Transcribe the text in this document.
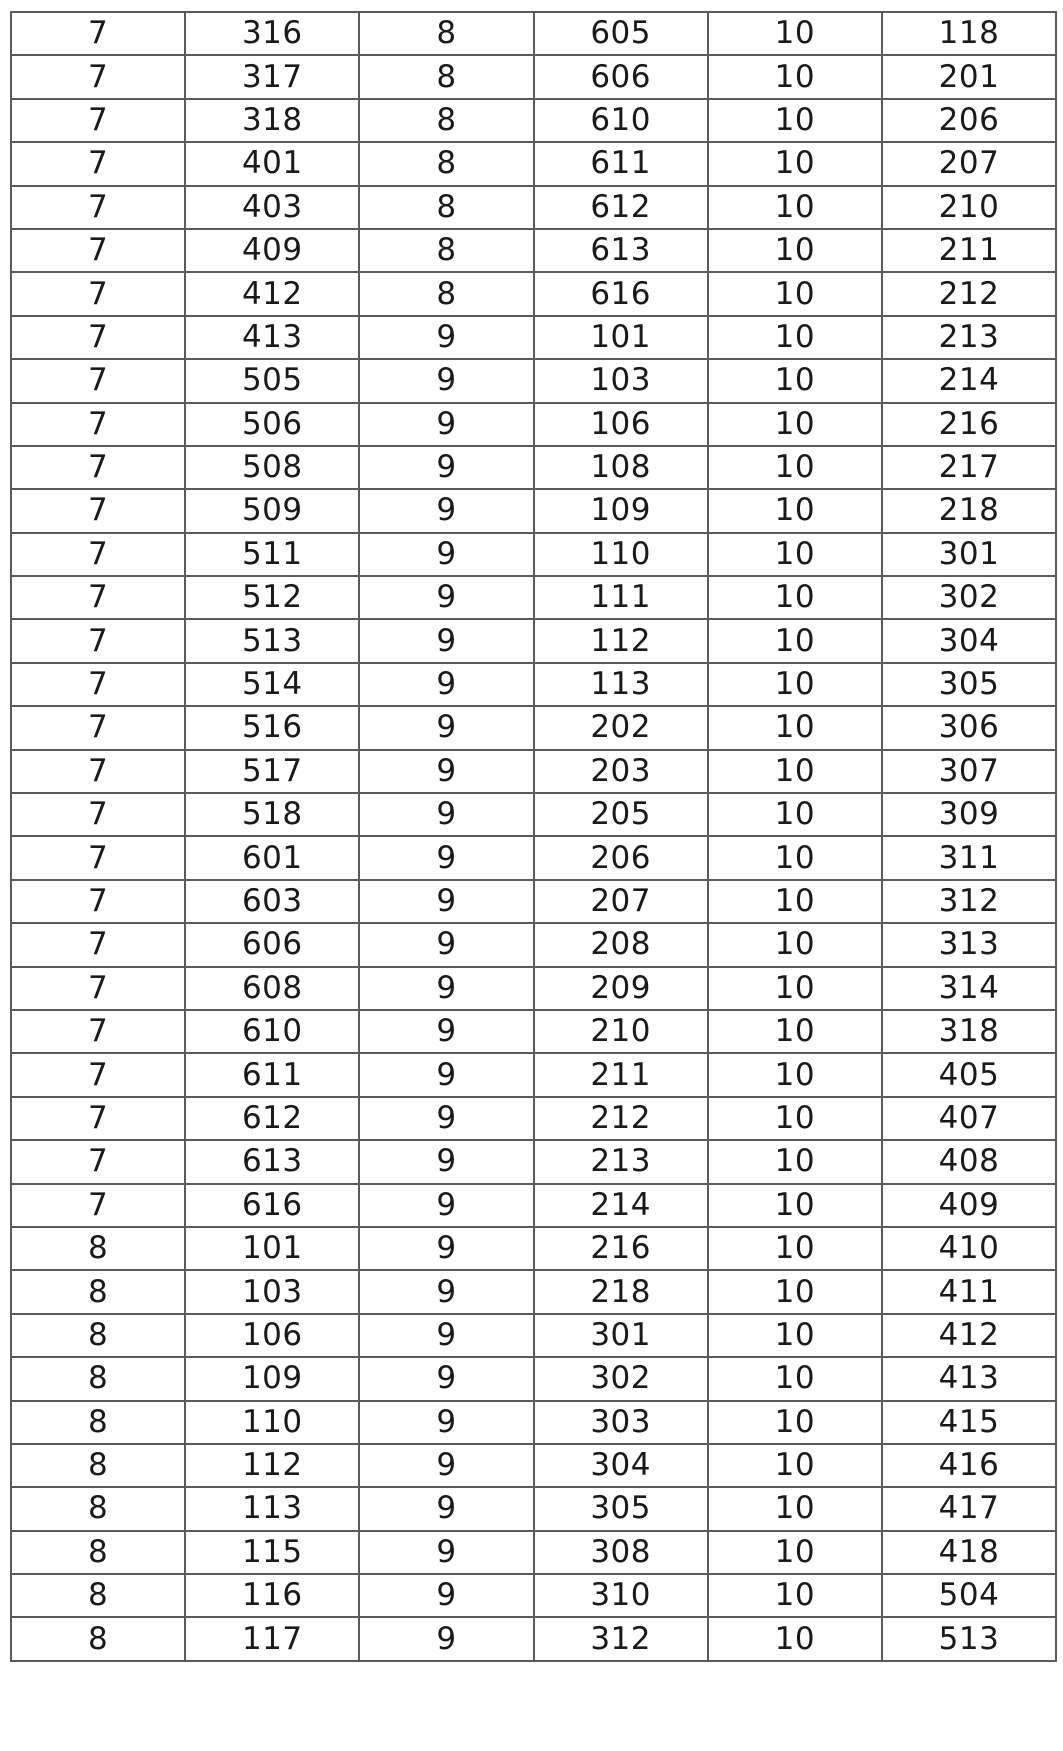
7	316	8	605	10	118
7	317	8	606	10	201
7	318	8	610	10	206
7	401	8	611	10	207
7	403	8	612	10	210
7	409	8	613	10	211
7	412	8	616	10	212
7	413	9	101	10	213
7	505	9	103	10	214
7	506	9	106	10	216
7	508	9	108	10	217
7	509	9	109	10	218
7	511	9	110	10	301
7	512	9	111	10	302
7	513	9	112	10	304
7	514	9	113	10	305
7	516	9	202	10	306
7	517	9	203	10	307
7	518	9	205	10	309
7	601	9	206	10	311
7	603	9	207	10	312
7	606	9	208	10	313
7	608	9	209	10	314
7	610	9	210	10	318
7	611	9	211	10	405
7	612	9	212	10	407
7	613	9	213	10	408
7	616	9	214	10	409
8	101	9	216	10	410
8	103	9	218	10	411
8	106	9	301	10	412
8	109	9	302	10	413
8	110	9	303	10	415
8	112	9	304	10	416
8	113	9	305	10	417
8	115	9	308	10	418
8	116	9	310	10	504
8	117	9	312	10	513
